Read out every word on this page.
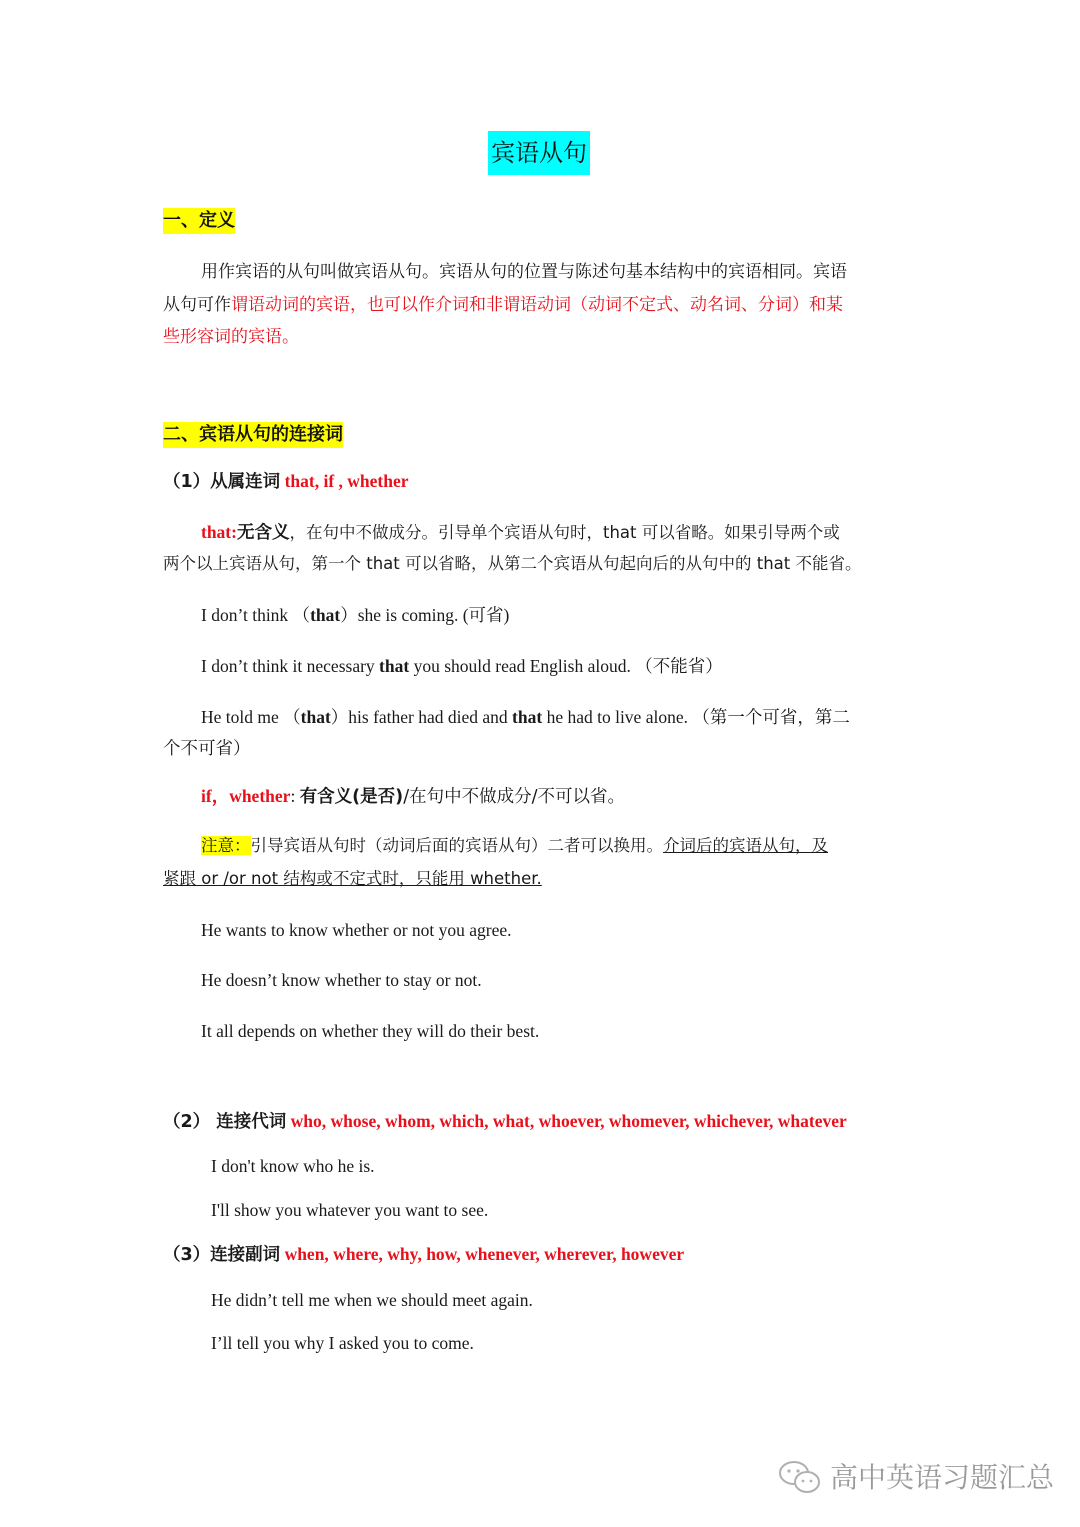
宾语从句
一、定义
用作宾语的从句叫做宾语从句。宾语从句的位置与陈述句基本结构中的宾语相同。宾语
从句可作谓语动词的宾语，也可以作介词和非谓语动词（动词不定式、动名词、分词）和某
些形容词的宾语。
二、宾语从句的连接词
（1）从属连词 that, if , whether
that:无含义，在句中不做成分。引导单个宾语从句时，that 可以省略。如果引导两个或
两个以上宾语从句，第一个 that 可以省略，从第二个宾语从句起向后的从句中的 that 不能省。
I don’t think （that）she is coming. (可省)
I don’t think it necessary that you should read English aloud. （不能省）
He told me （that）his father had died and that he had to live alone. （第一个可省，第二
个不可省）
if，whether: 有含义(是否)/在句中不做成分/不可以省。
注意：引导宾语从句时（动词后面的宾语从句）二者可以换用。介词后的宾语从句，及
紧跟 or /or not 结构或不定式时，只能用 whether.
He wants to know whether or not you agree.
He doesn’t know whether to stay or not.
It all depends on whether they will do their best.
（2） 连接代词 who, whose, whom, which, what, whoever, whomever, whichever, whatever
I don't know who he is.
I'll show you whatever you want to see.
（3）连接副词 when, where, why, how, whenever, wherever, however
He didn’t tell me when we should meet again.
I’ll tell you why I asked you to come.
高中英语习题汇总
